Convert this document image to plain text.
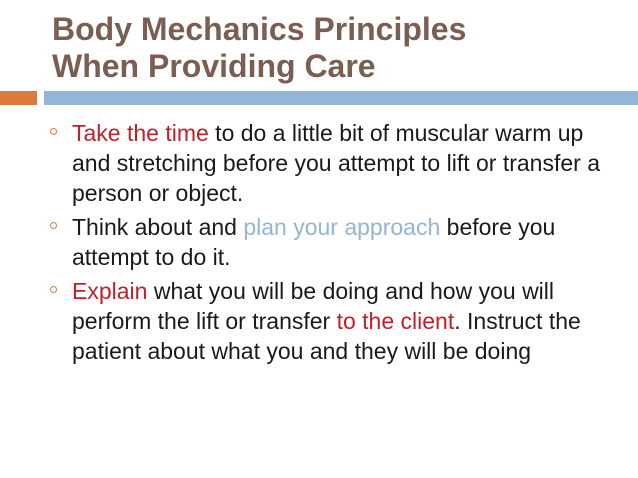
Body Mechanics Principles
When Providing Care
Take the time to do a little bit of muscular warm up and stretching before you attempt to lift or transfer a person or object.
Think about and plan your approach before you attempt to do it.
Explain what you will be doing and how you will perform the lift or transfer to the client. Instruct the patient about what you and they will be doing
